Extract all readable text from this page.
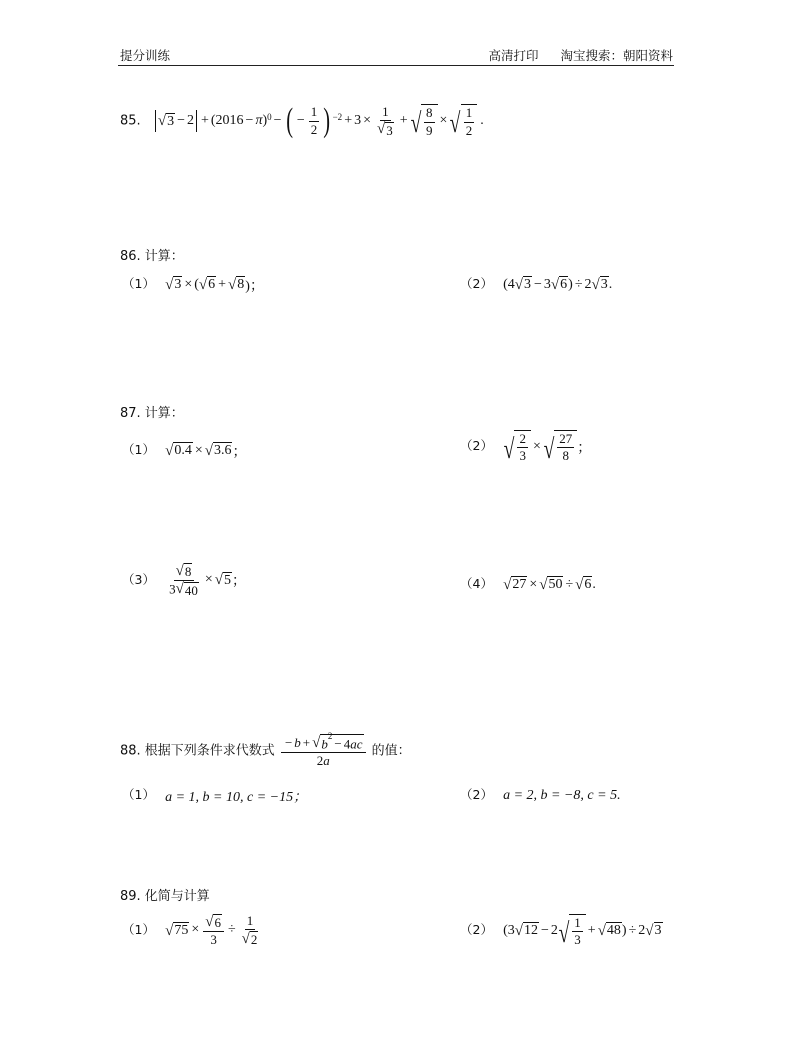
提分训练	高清打印 淘宝搜索：朝阳资料
85. √ 3 − 2 + (2016 − π ) 0 − ( − $\frac{1}{2}$ ) $-2 + 3 \times \frac{1}{√ 3}$ + √ $\frac{8}{9}$ × √ $\frac{1}{2}$ .
86. 计算：
（1） √ 3 × ( √ 6 + √ 8 )；	（2） (4 √ 3 − 3 √ 6 ) ÷ 2 √ 3 .
87. 计算：
（1） √ 0.4 × √ 3.6 ；	（2） √ $\frac{2}{3}$ × √ $\frac{27}{8}$ ；
$(3) \frac{√ 8}{3 √ 40}$ × √ 5 ；	（4） √ 27 × √ 50 ÷ √ 6 .
88. 根据下列条件求代数式 $\frac{- b + √ b^2- 4ac}{2a}$ 的值：
（1） a = 1, b = 10, c = −15；	（2） a = 2, b = −8, c = 5.
89. 化简与计算
（1） √ $75 \times \frac{√ 6}{3} \div \frac{1}{√ 2}$	（2） (3 √ 12 − 2 √ $\frac{1}{3}$ + √ 48 ) ÷ 2 √ 3
